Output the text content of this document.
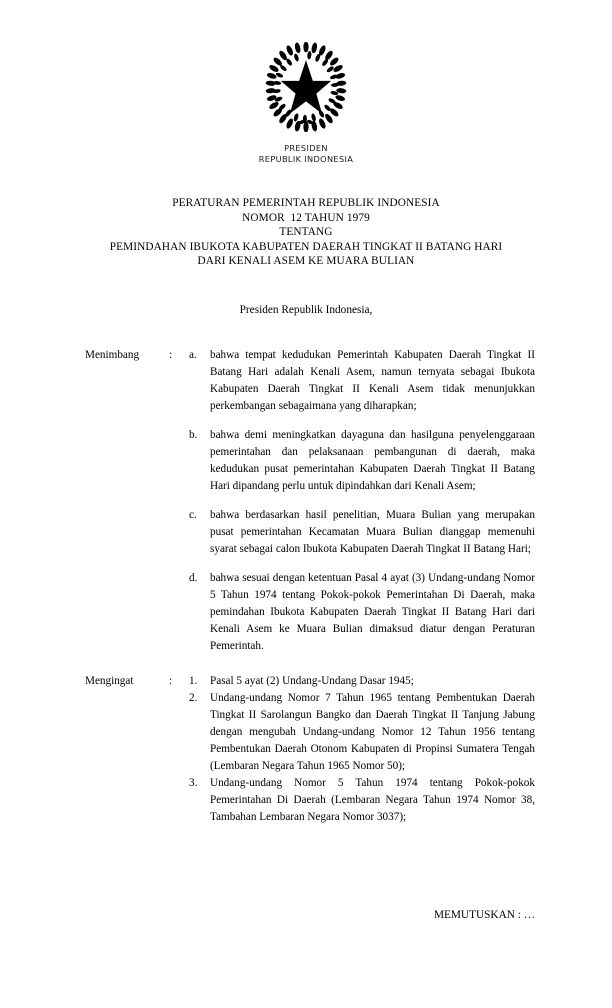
PRESIDEN
REPUBLIK INDONESIA
PERATURAN PEMERINTAH REPUBLIK INDONESIA
NOMOR  12 TAHUN 1979
TENTANG
PEMINDAHAN IBUKOTA KABUPATEN DAERAH TINGKAT II BATANG HARI
DARI KENALI ASEM KE MUARA BULIAN
Presiden Republik Indonesia,
Menimbang	:	a.	bahwa tempat kedudukan Pemerintah Kabupaten Daerah Tingkat II Batang Hari adalah Kenali Asem, namun ternyata sebagai Ibukota Kabupaten Daerah Tingkat II Kenali Asem tidak menunjukkan perkembangan sebagaimana yang diharapkan;
b.	bahwa demi meningkatkan dayaguna dan hasilguna penyelenggaraan pemerintahan dan pelaksanaan pembangunan di daerah, maka kedudukan pusat pemerintahan Kabupaten Daerah Tingkat II Batang Hari dipandang perlu untuk dipindahkan dari Kenali Asem;
c.	bahwa berdasarkan hasil penelitian, Muara Bulian yang merupakan pusat pemerintahan Kecamatan Muara Bulian dianggap memenuhi syarat sebagai calon Ibukota Kabupaten Daerah Tingkat II Batang Hari;
d.	bahwa sesuai dengan ketentuan Pasal 4 ayat (3) Undang-undang Nomor 5 Tahun 1974 tentang Pokok-pokok Pemerintahan Di Daerah, maka pemindahan Ibukota Kabupaten Daerah Tingkat II Batang Hari dari Kenali Asem ke Muara Bulian dimaksud diatur dengan Peraturan Pemerintah.
Mengingat	:	1.	Pasal 5 ayat (2) Undang-Undang Dasar 1945;
2.	Undang-undang Nomor 7 Tahun 1965 tentang Pembentukan Daerah Tingkat II Sarolangun Bangko dan Daerah Tingkat II Tanjung Jabung dengan mengubah Undang-undang Nomor 12 Tahun 1956 tentang Pembentukan Daerah Otonom Kabupaten di Propinsi Sumatera Tengah (Lembaran Negara Tahun 1965 Nomor 50);
3.	Undang-undang Nomor 5 Tahun 1974 tentang Pokok-pokok Pemerintahan Di Daerah (Lembaran Negara Tahun 1974 Nomor 38, Tambahan Lembaran Negara Nomor 3037);
MEMUTUSKAN : …
